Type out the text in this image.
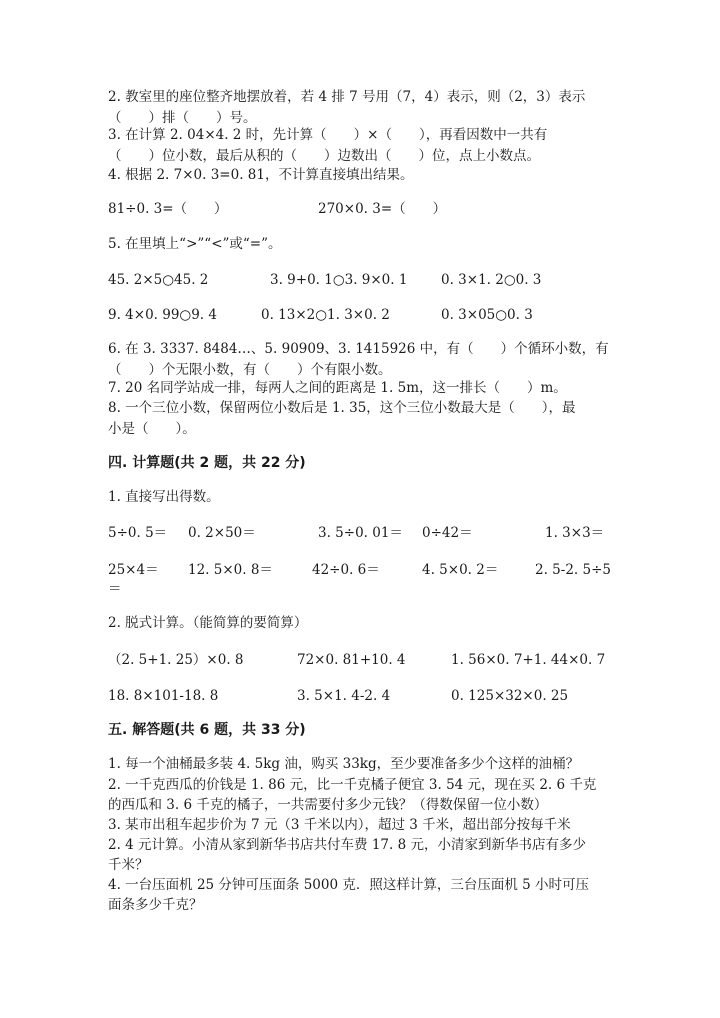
2. 教室里的座位整齐地摆放着，若 4 排 7 号用（7，4）表示，则（2，3）表示
（　　）排（　　）号。
3. 在计算 2. 04×4. 2 时，先计算（　　）×（　　），再看因数中一共有
（　　）位小数，最后从积的（　　）边数出（　　）位，点上小数点。
4. 根据 2. 7×0. 3=0. 81，不计算直接填出结果。
81÷0. 3=（　　）	270×0. 3=（　　）
5. 在里填上“>”“<”或“=”。
45. 2×5○45. 2	3. 9+0. 1○3. 9×0. 1 0. 3×1. 2○0. 3
9. 4×0. 99○9. 4	0. 13×2○1. 3×0. 2	0. 3×05○0. 3
6. 在 3. 3337. 8484…、5. 90909、3. 1415926 中，有（　　）个循环小数，有
（　　）个无限小数，有（　　）个有限小数。
7. 20 名同学站成一排，每两人之间的距离是 1. 5m，这一排长（　　）m。
8. 一个三位小数，保留两位小数后是 1. 35，这个三位小数最大是（　　），最
小是（　　）。
四. 计算题(共 2 题，共 22 分)
1. 直接写出得数。
5÷0. 5＝ 0. 2×50＝	3. 5÷0. 01＝ 0÷42＝	1. 3×3＝
25×4＝ 12. 5×0. 8＝	42÷0. 6＝	4. 5×0. 2＝	2. 5-2. 5÷5
＝
2. 脱式计算。（能简算的要简算）
（2. 5+1. 25）×0. 8	72×0. 81+10. 4	1. 56×0. 7+1. 44×0. 7
18. 8×101-18. 8	3. 5×1. 4-2. 4	0. 125×32×0. 25
五. 解答题(共 6 题，共 33 分)
1. 每一个油桶最多装 4. 5kg 油，购买 33kg，至少要准备多少个这样的油桶？
2. 一千克西瓜的价钱是 1. 86 元，比一千克橘子便宜 3. 54 元，现在买 2. 6 千克
的西瓜和 3. 6 千克的橘子，一共需要付多少元钱？（得数保留一位小数）
3. 某市出租车起步价为 7 元（3 千米以内），超过 3 千米，超出部分按每千米
2. 4 元计算。小清从家到新华书店共付车费 17. 8 元，小清家到新华书店有多少
千米？
4. 一台压面机 25 分钟可压面条 5000 克．照这样计算，三台压面机 5 小时可压
面条多少千克？
